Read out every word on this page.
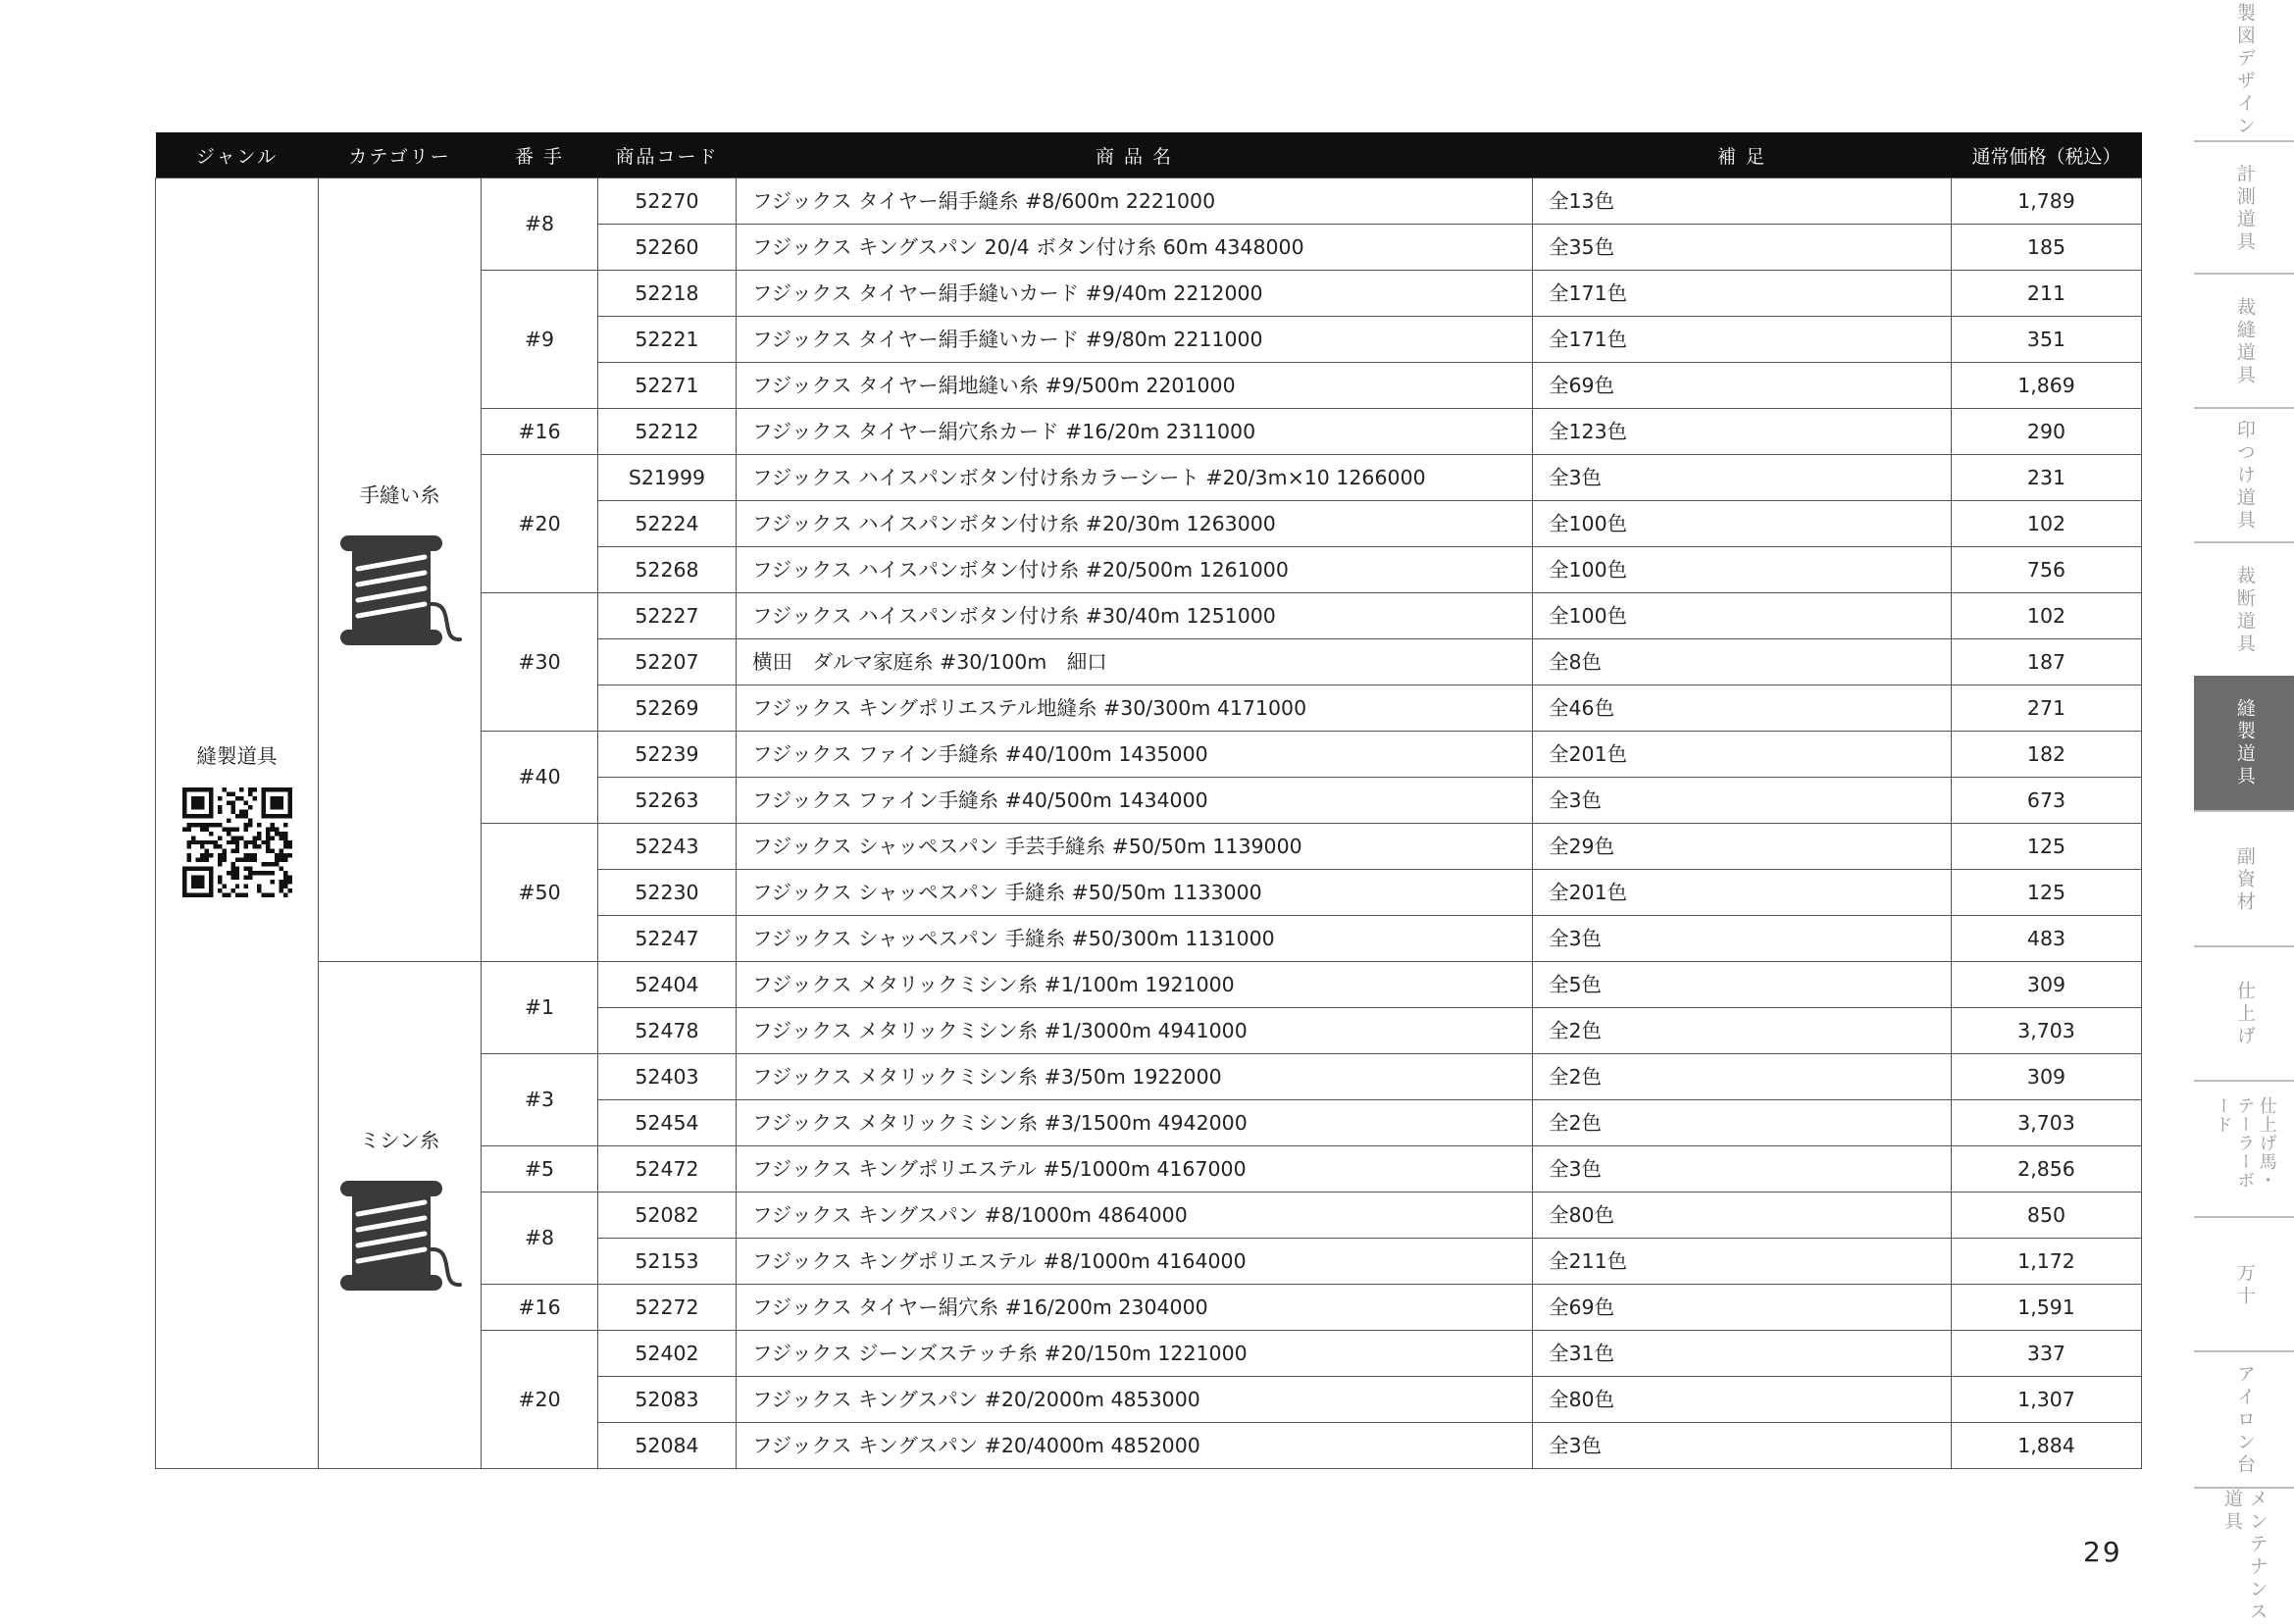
ジャンル	カテゴリー	番 手	商品コード	商 品 名	補 足	通常価格（税込）

縫製道具	手縫い糸	#8	52270	フジックス タイヤー絹手縫糸 #8/600m 2221000	全13色	1,789
			52260	フジックス キングスパン 20/4 ボタン付け糸 60m 4348000	全35色	185
		#9	52218	フジックス タイヤー絹手縫いカード #9/40m 2212000	全171色	211
			52221	フジックス タイヤー絹手縫いカード #9/80m 2211000	全171色	351
			52271	フジックス タイヤー絹地縫い糸 #9/500m 2201000	全69色	1,869
		#16	52212	フジックス タイヤー絹穴糸カード #16/20m 2311000	全123色	290
		#20	S21999	フジックス ハイスパンボタン付け糸カラーシート #20/3m×10 1266000	全3色	231
			52224	フジックス ハイスパンボタン付け糸 #20/30m 1263000	全100色	102
			52268	フジックス ハイスパンボタン付け糸 #20/500m 1261000	全100色	756
		#30	52227	フジックス ハイスパンボタン付け糸 #30/40m 1251000	全100色	102
			52207	横田　ダルマ家庭糸 #30/100m　細口	全8色	187
			52269	フジックス キングポリエステル地縫糸 #30/300m 4171000	全46色	271
		#40	52239	フジックス ファイン手縫糸 #40/100m 1435000	全201色	182
			52263	フジックス ファイン手縫糸 #40/500m 1434000	全3色	673
		#50	52243	フジックス シャッペスパン 手芸手縫糸 #50/50m 1139000	全29色	125
			52230	フジックス シャッペスパン 手縫糸 #50/50m 1133000	全201色	125
			52247	フジックス シャッペスパン 手縫糸 #50/300m 1131000	全3色	483

	ミシン糸	#1	52404	フジックス メタリックミシン糸 #1/100m 1921000	全5色	309
			52478	フジックス メタリックミシン糸 #1/3000m 4941000	全2色	3,703
		#3	52403	フジックス メタリックミシン糸 #3/50m 1922000	全2色	309
			52454	フジックス メタリックミシン糸 #3/1500m 4942000	全2色	3,703
		#5	52472	フジックス キングポリエステル #5/1000m 4167000	全3色	2,856
		#8	52082	フジックス キングスパン #8/1000m 4864000	全80色	850
			52153	フジックス キングポリエステル #8/1000m 4164000	全211色	1,172
		#16	52272	フジックス タイヤー絹穴糸 #16/200m 2304000	全69色	1,591
		#20	52402	フジックス ジーンズステッチ糸 #20/150m 1221000	全31色	337
			52083	フジックス キングスパン #20/2000m 4853000	全80色	1,307
			52084	フジックス キングスパン #20/4000m 4852000	全3色	1,884
製図デザイン
計測道具
裁縫道具
印つけ道具
裁断道具
縫製道具
副資材
仕上げ
仕上げ馬・テーラーボード
万十
アイロン台
メンテナンス道具
29
